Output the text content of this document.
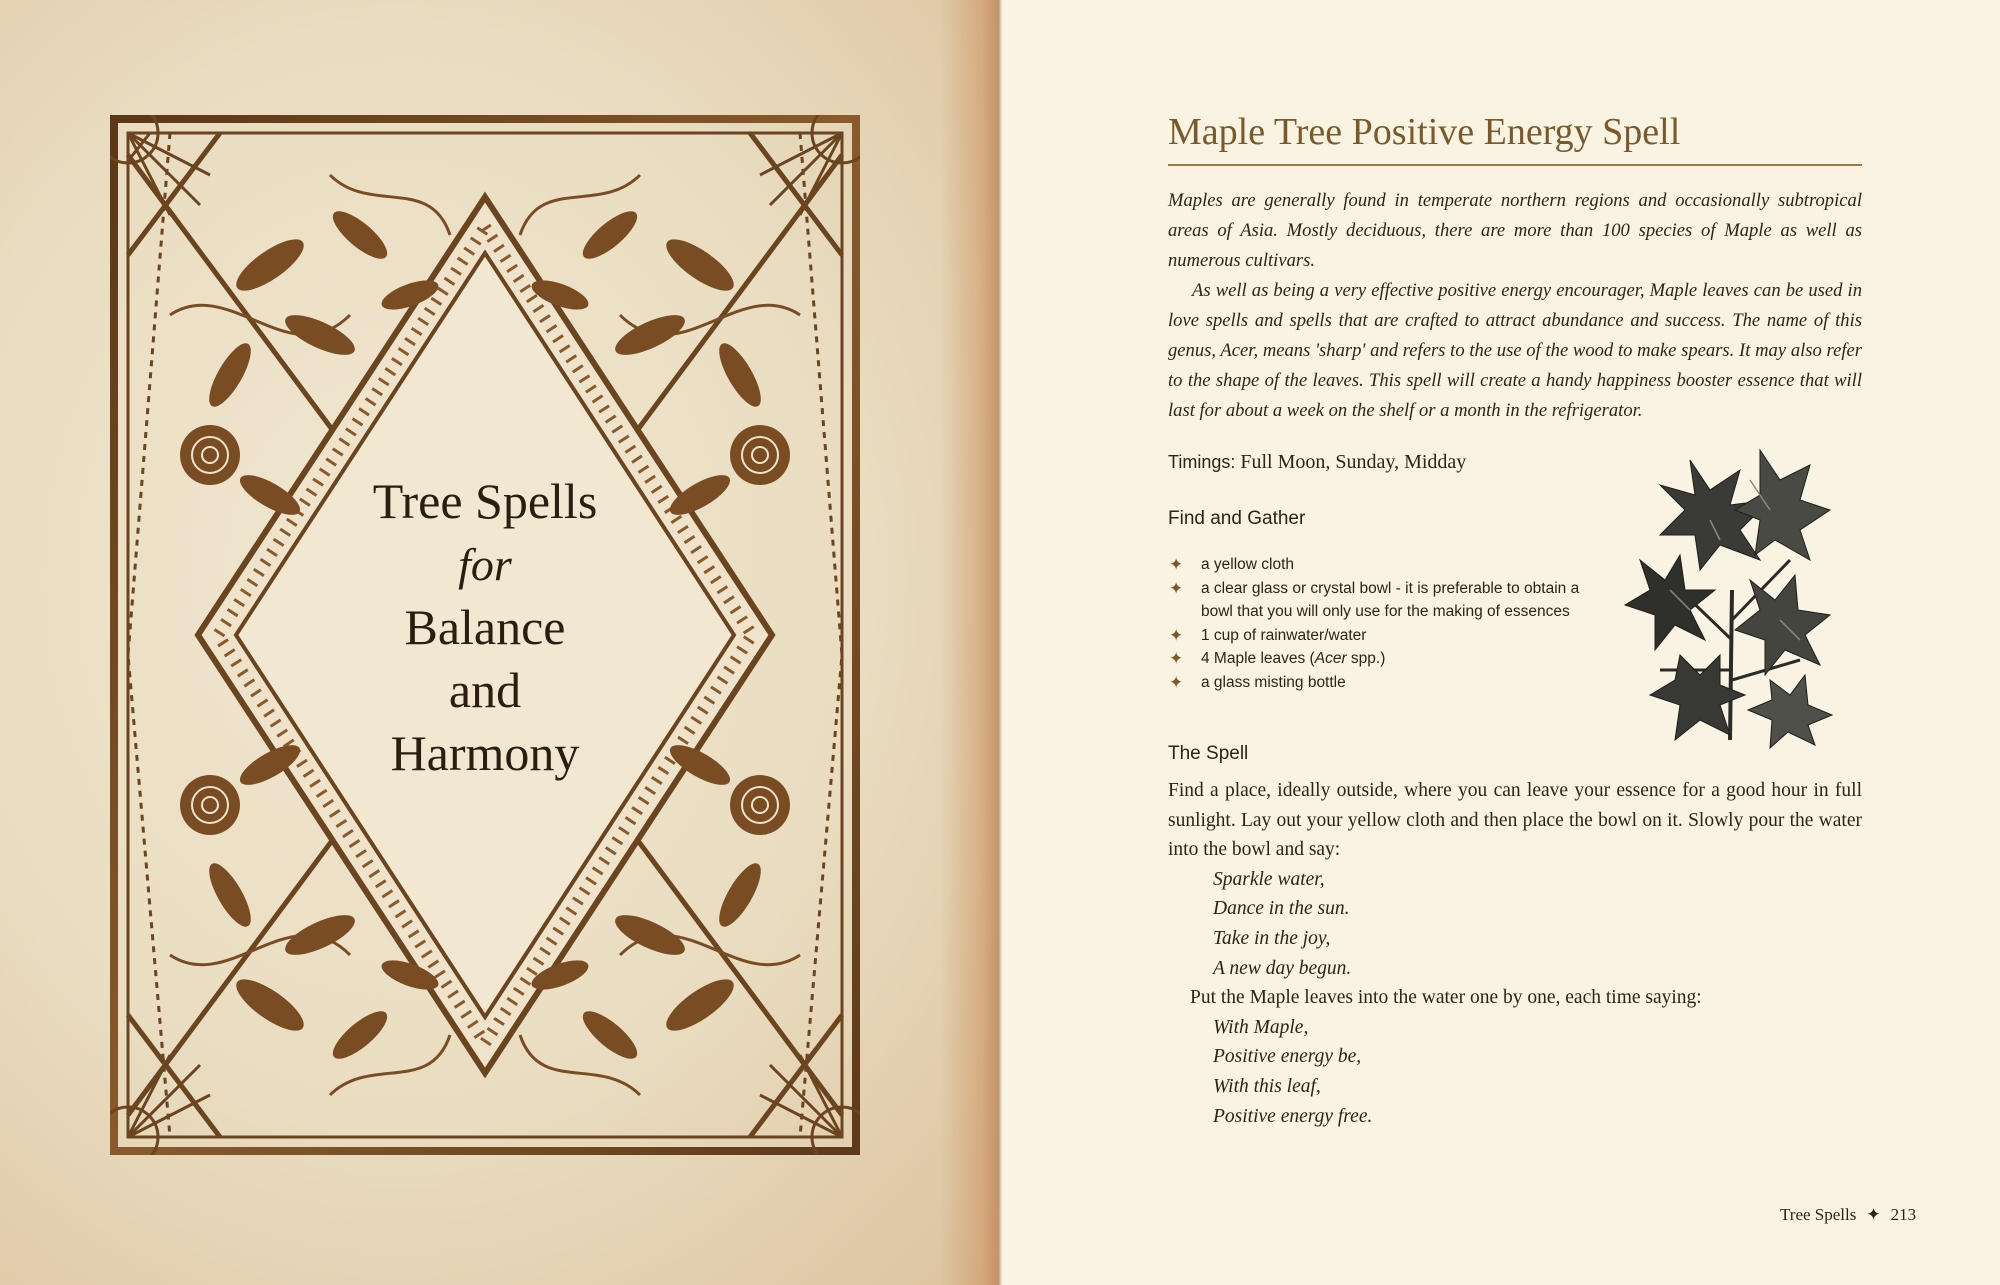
Tree Spells
for
Balance
and
Harmony
Maple Tree Positive Energy Spell

Maples are generally found in temperate northern regions and occasionally subtropical areas of Asia. Mostly deciduous, there are more than 100 species of Maple as well as numerous cultivars.

As well as being a very effective positive energy encourager, Maple leaves can be used in love spells and spells that are crafted to attract abundance and success. The name of this genus, Acer, means 'sharp' and refers to the use of the wood to make spears. It may also refer to the shape of the leaves. This spell will create a handy happiness booster essence that will last for about a week on the shelf or a month in the refrigerator.

Timings: Full Moon, Sunday, Midday
Find and Gather
✦ a yellow cloth
✦ a clear glass or crystal bowl - it is preferable to obtain a bowl that you will only use for the making of essences
✦ 1 cup of rainwater/water
✦ 4 Maple leaves (Acer spp.)
✦ a glass misting bottle
The Spell

Find a place, ideally outside, where you can leave your essence for a good hour in full sunlight. Lay out your yellow cloth and then place the bowl on it. Slowly pour the water into the bowl and say:

Sparkle water,
Dance in the sun.
Take in the joy,
A new day begun.

Put the Maple leaves into the water one by one, each time saying:

With Maple,
Positive energy be,
With this leaf,
Positive energy free.
Tree Spells ✦ 213
